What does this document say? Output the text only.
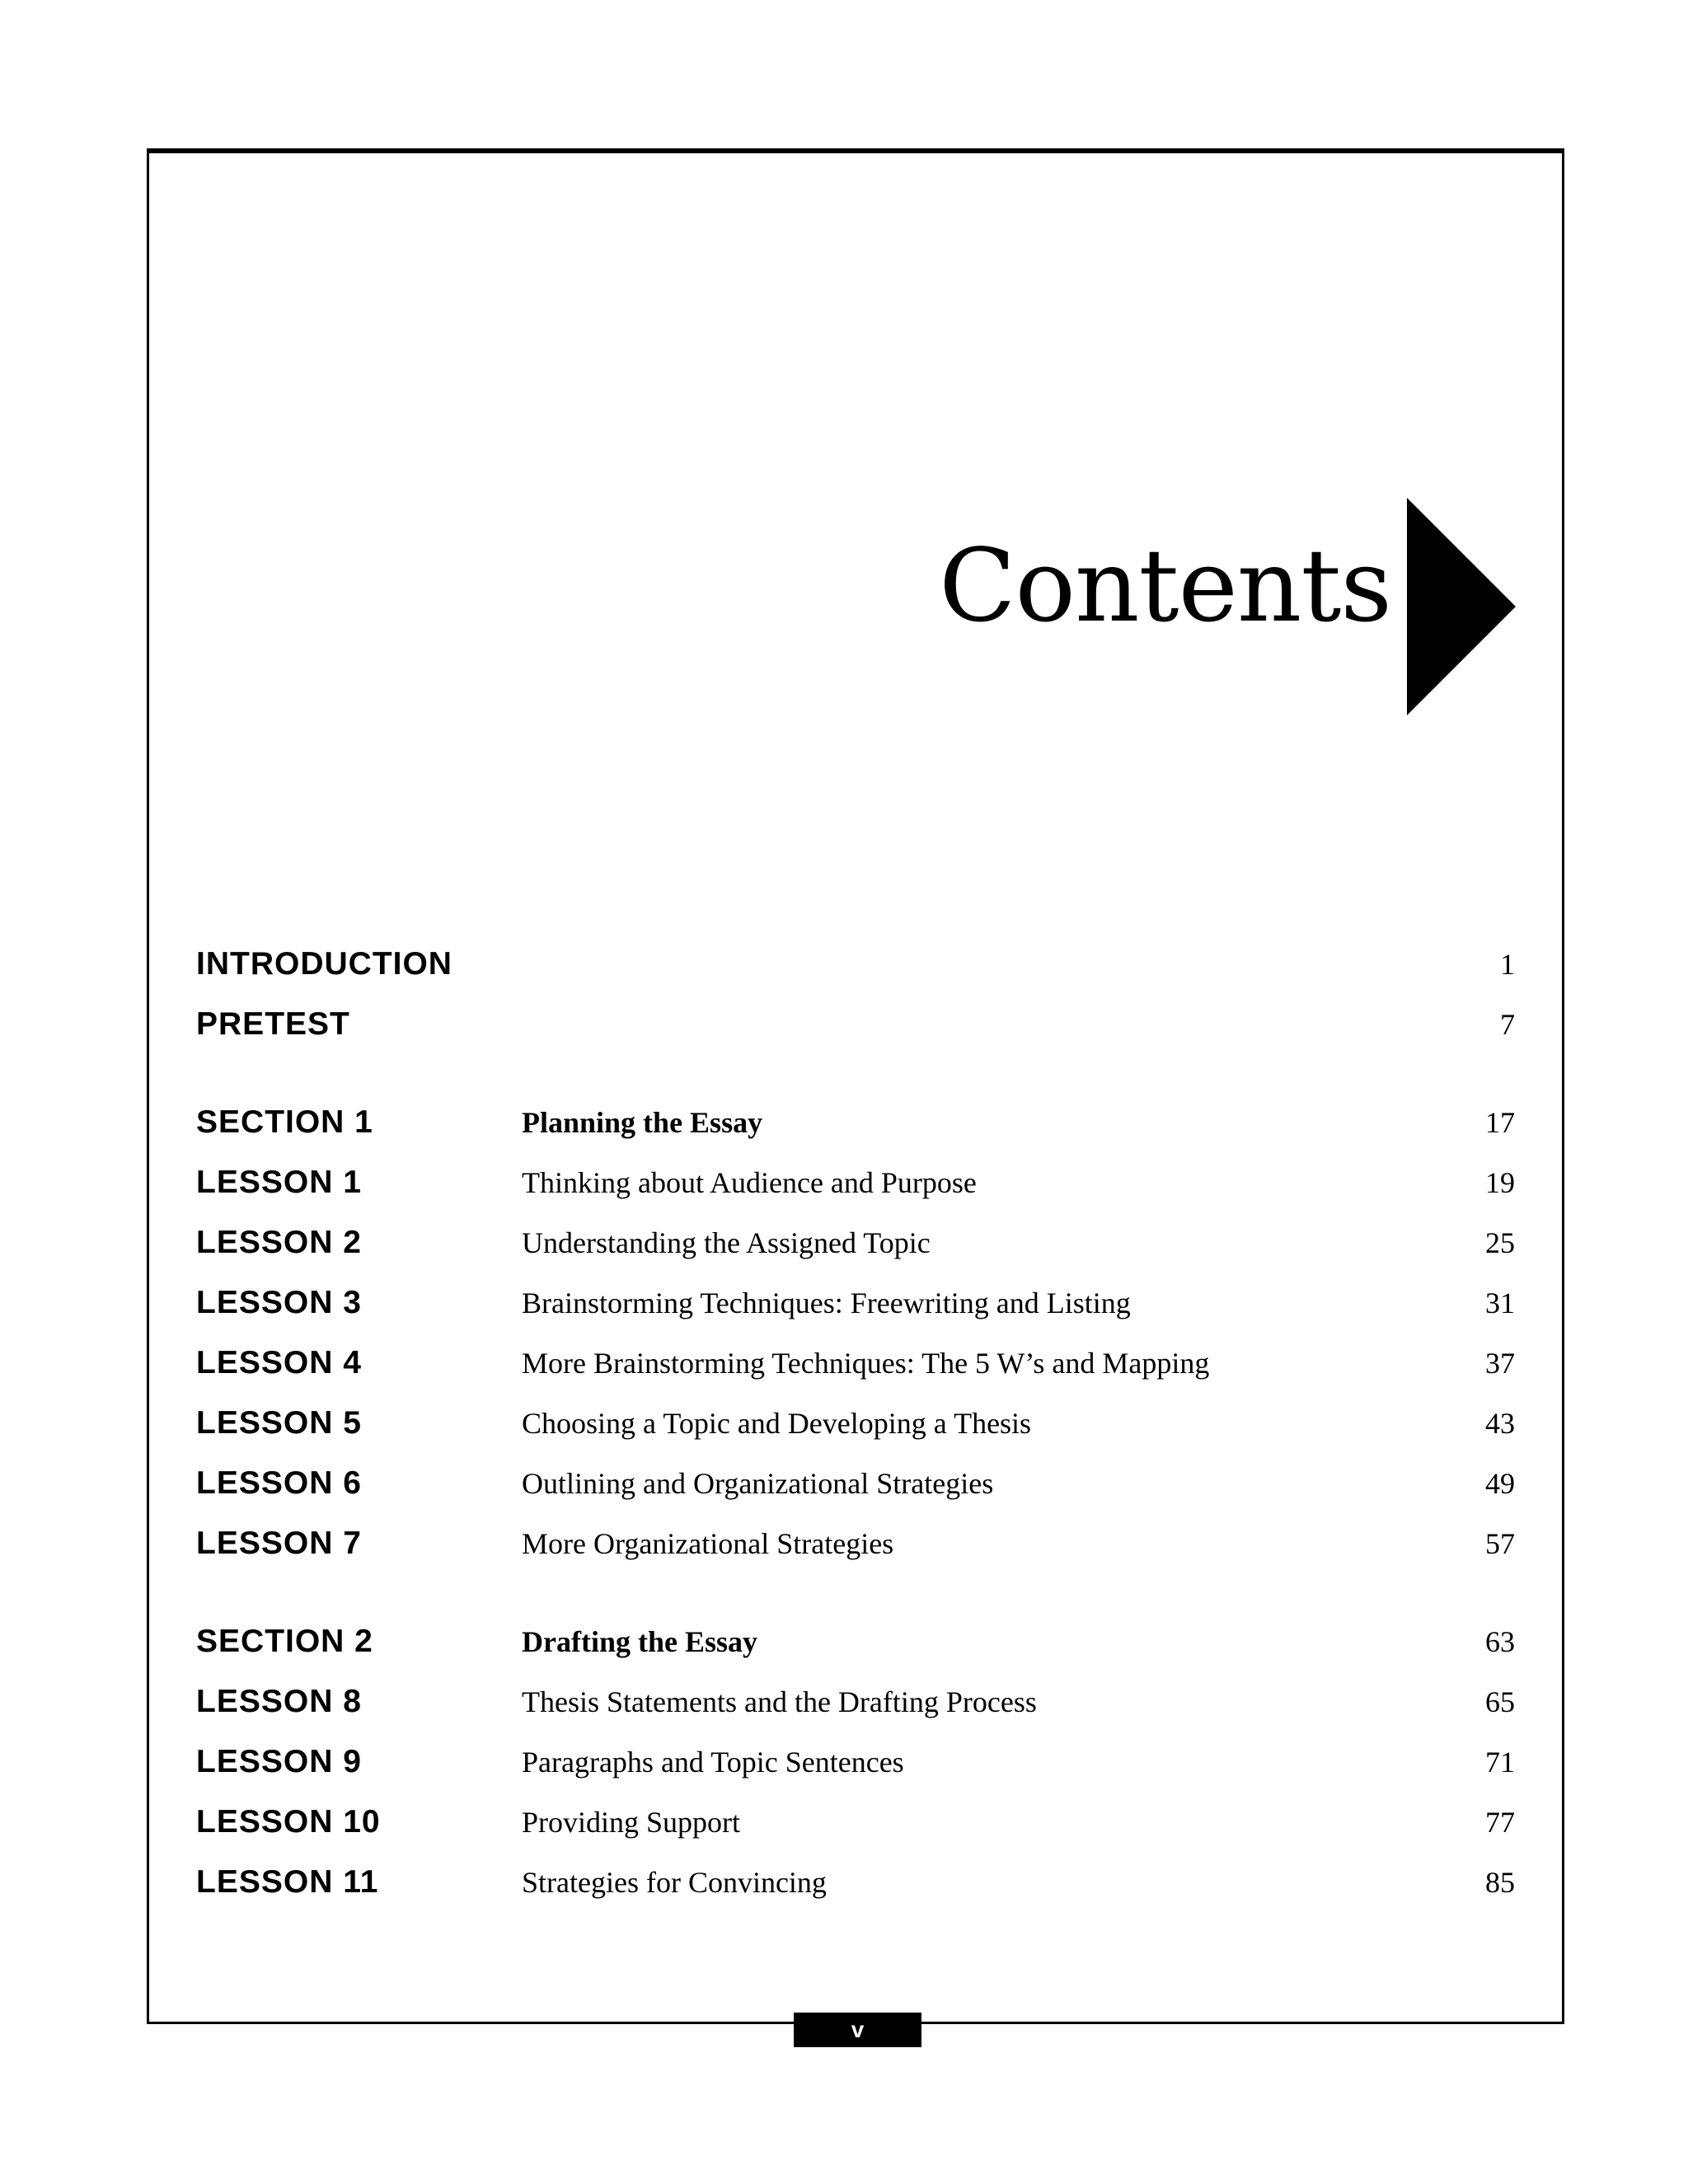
Contents
INTRODUCTION	1
PRETEST	7
SECTION 1	Planning the Essay	17
LESSON 1	Thinking about Audience and Purpose	19
LESSON 2	Understanding the Assigned Topic	25
LESSON 3	Brainstorming Techniques: Freewriting and Listing	31
LESSON 4	More Brainstorming Techniques: The 5 W’s and Mapping	37
LESSON 5	Choosing a Topic and Developing a Thesis	43
LESSON 6	Outlining and Organizational Strategies	49
LESSON 7	More Organizational Strategies	57
SECTION 2	Drafting the Essay	63
LESSON 8	Thesis Statements and the Drafting Process	65
LESSON 9	Paragraphs and Topic Sentences	71
LESSON 10	Providing Support	77
LESSON 11	Strategies for Convincing	85
v
